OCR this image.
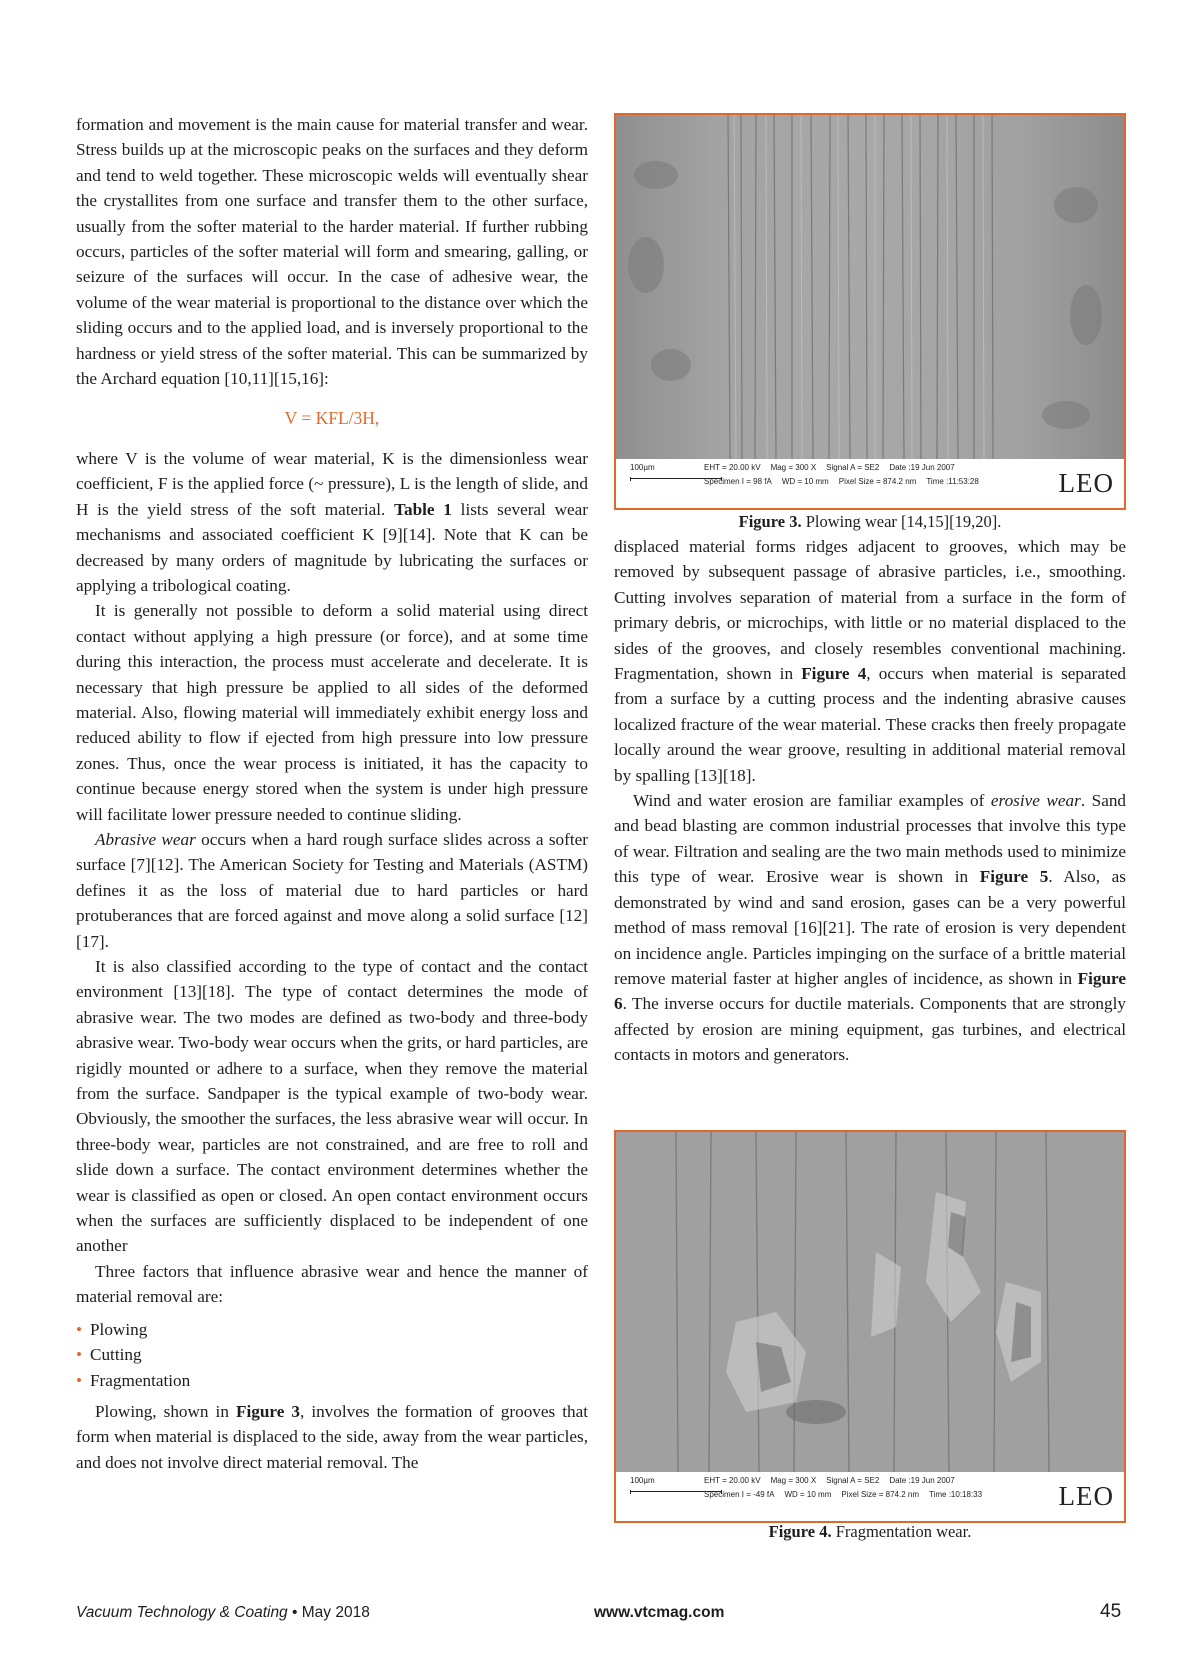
formation and movement is the main cause for material transfer and wear. Stress builds up at the microscopic peaks on the surfaces and they deform and tend to weld together. These microscopic welds will eventually shear the crystallites from one surface and transfer them to the other surface, usually from the softer material to the harder material. If further rubbing occurs, particles of the softer material will form and smearing, galling, or seizure of the surfaces will occur. In the case of adhesive wear, the volume of the wear material is proportional to the distance over which the sliding occurs and to the applied load, and is inversely proportional to the hardness or yield stress of the softer material. This can be summarized by the Archard equation [10,11][15,16]:

V = KFL/3H,

where V is the volume of wear material, K is the dimensionless wear coefficient, F is the applied force (~ pressure), L is the length of slide, and H is the yield stress of the soft material. Table 1 lists several wear mechanisms and associated coefficient K [9][14]. Note that K can be decreased by many orders of magnitude by lubricating the surfaces or applying a tribological coating.

It is generally not possible to deform a solid material using direct contact without applying a high pressure (or force), and at some time during this interaction, the process must accelerate and decelerate. It is necessary that high pressure be applied to all sides of the deformed material. Also, flowing material will immediately exhibit energy loss and reduced ability to flow if ejected from high pressure into low pressure zones. Thus, once the wear process is initiated, it has the capacity to continue because energy stored when the system is under high pressure will facilitate lower pressure needed to continue sliding.

Abrasive wear occurs when a hard rough surface slides across a softer surface [7][12]. The American Society for Testing and Materials (ASTM) defines it as the loss of material due to hard particles or hard protuberances that are forced against and move along a solid surface [12][17].

It is also classified according to the type of contact and the contact environment [13][18]. The type of contact determines the mode of abrasive wear. The two modes are defined as two-body and three-body abrasive wear. Two-body wear occurs when the grits, or hard particles, are rigidly mounted or adhere to a surface, when they remove the material from the surface. Sandpaper is the typical example of two-body wear. Obviously, the smoother the surfaces, the less abrasive wear will occur. In three-body wear, particles are not constrained, and are free to roll and slide down a surface. The contact environment determines whether the wear is classified as open or closed. An open contact environment occurs when the surfaces are sufficiently displaced to be independent of one another

Three factors that influence abrasive wear and hence the manner of material removal are:

• Plowing
• Cutting
• Fragmentation

Plowing, shown in Figure 3, involves the formation of grooves that form when material is displaced to the side, away from the wear particles, and does not involve direct material removal. The

100µm	EHT = 20.00 kV Mag = 300 X Signal A = SE2 Date :19 Jun 2007
Specimen I = 98 fA WD = 10 mm Pixel Size = 874.2 nm Time :11:53:28	LEO
Figure 3. Plowing wear [14,15][19,20].

displaced material forms ridges adjacent to grooves, which may be removed by subsequent passage of abrasive particles, i.e., smoothing. Cutting involves separation of material from a surface in the form of primary debris, or microchips, with little or no material displaced to the sides of the grooves, and closely resembles conventional machining. Fragmentation, shown in Figure 4, occurs when material is separated from a surface by a cutting process and the indenting abrasive causes localized fracture of the wear material. These cracks then freely propagate locally around the wear groove, resulting in additional material removal by spalling [13][18].

Wind and water erosion are familiar examples of erosive wear. Sand and bead blasting are common industrial processes that involve this type of wear. Filtration and sealing are the two main methods used to minimize this type of wear. Erosive wear is shown in Figure 5. Also, as demonstrated by wind and sand erosion, gases can be a very powerful method of mass removal [16][21]. The rate of erosion is very dependent on incidence angle. Particles impinging on the surface of a brittle material remove material faster at higher angles of incidence, as shown in Figure 6. The inverse occurs for ductile materials. Components that are strongly affected by erosion are mining equipment, gas turbines, and electrical contacts in motors and generators.

100µm	EHT = 20.00 kV Mag = 300 X Signal A = SE2 Date :19 Jun 2007
Specimen I = -49 fA WD = 10 mm Pixel Size = 874.2 nm Time :10:18:33	LEO
Figure 4. Fragmentation wear.
Vacuum Technology & Coating • May 2018	www.vtcmag.com	45
